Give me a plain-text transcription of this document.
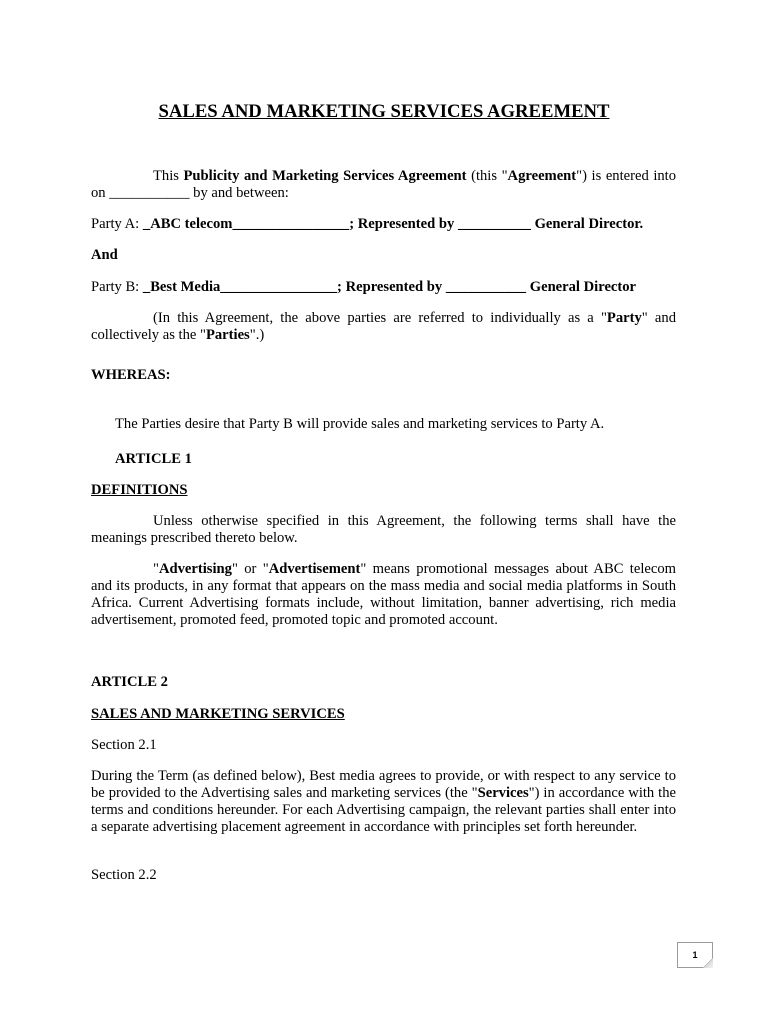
SALES AND MARKETING SERVICES AGREEMENT

This Publicity and Marketing Services Agreement (this "Agreement") is entered into on ___________ by and between:

Party A: _ABC telecom________________; Represented by __________ General Director.

And

Party B: _Best Media________________; Represented by ___________ General Director

(In this Agreement, the above parties are referred to individually as a "Party" and collectively as the "Parties".)

WHEREAS:

The Parties desire that Party B will provide sales and marketing services to Party A.

ARTICLE 1

DEFINITIONS

Unless otherwise specified in this Agreement, the following terms shall have the meanings prescribed thereto below.

"Advertising" or "Advertisement" means promotional messages about ABC telecom and its products, in any format that appears on the mass media and social media platforms in South Africa. Current Advertising formats include, without limitation, banner advertising, rich media advertisement, promoted feed, promoted topic and promoted account.

ARTICLE 2

SALES AND MARKETING SERVICES

Section 2.1

During the Term (as defined below), Best media agrees to provide, or with respect to any service to be provided to the Advertising sales and marketing services (the "Services") in accordance with the terms and conditions hereunder. For each Advertising campaign, the relevant parties shall enter into a separate advertising placement agreement in accordance with principles set forth hereunder.

Section 2.2

1
